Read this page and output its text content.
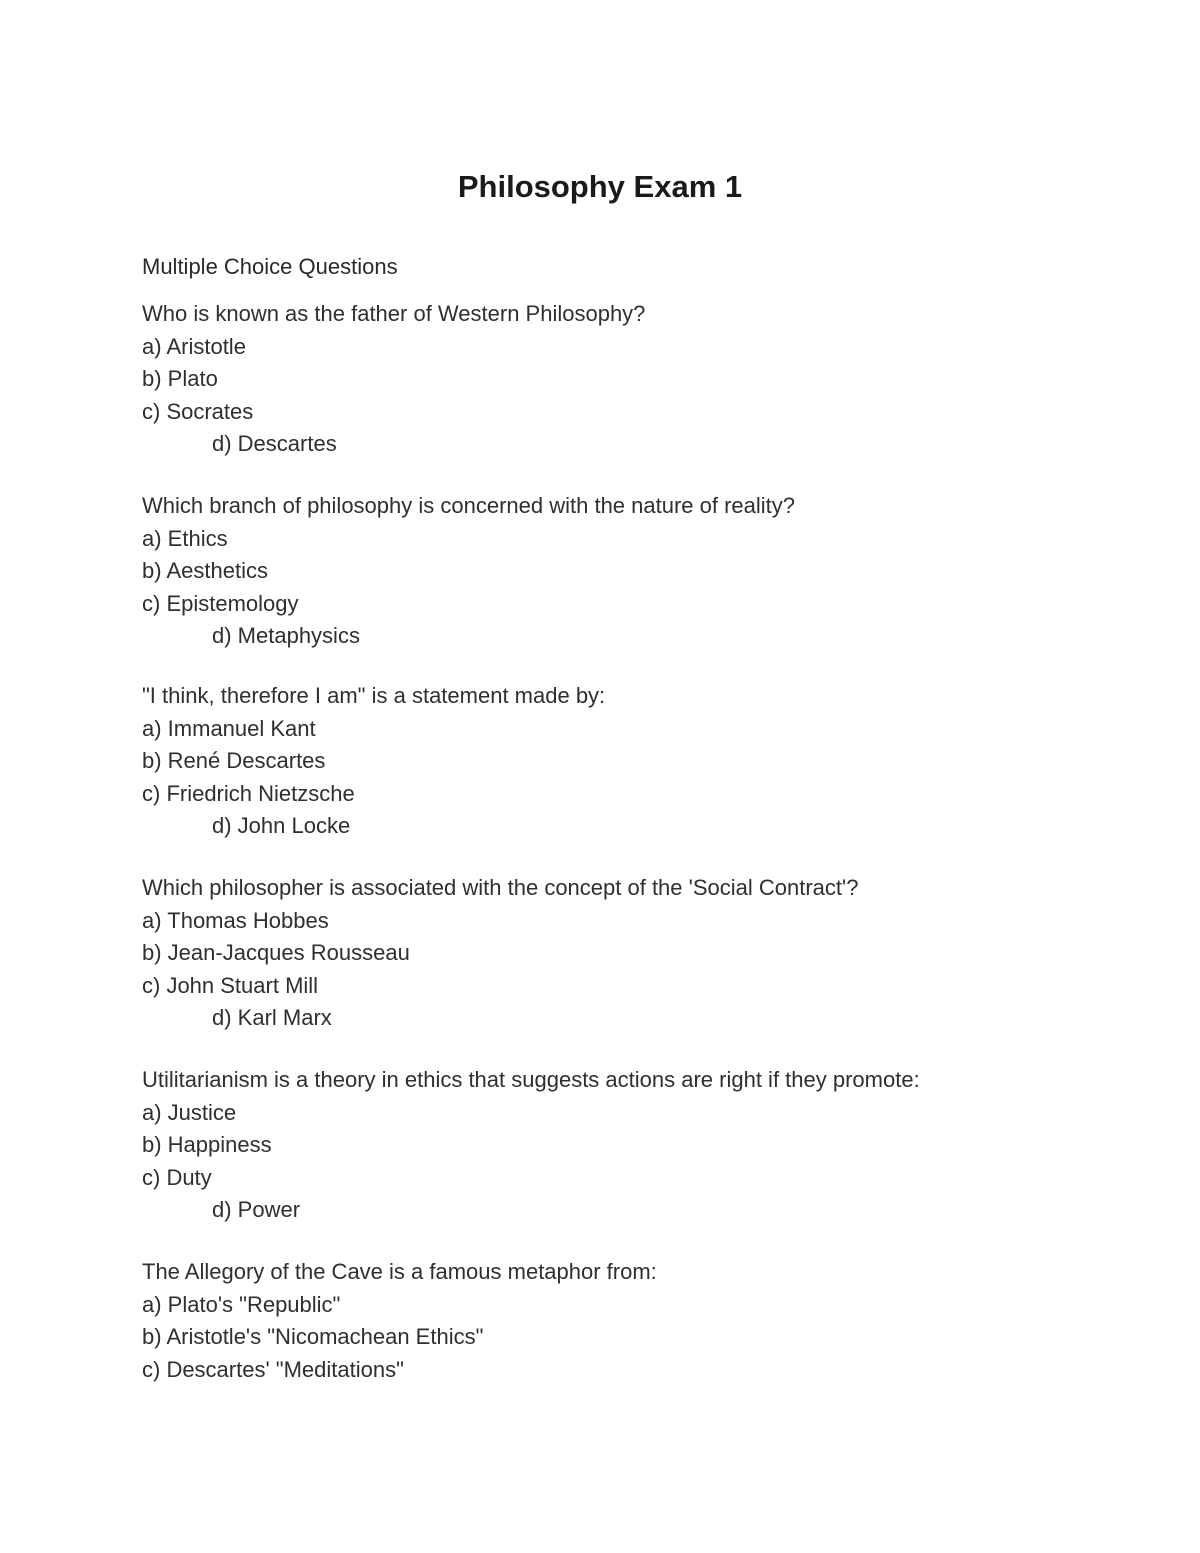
Philosophy Exam 1

Multiple Choice Questions

Who is known as the father of Western Philosophy?

a) Aristotle

b) Plato

c) Socrates

d) Descartes

Which branch of philosophy is concerned with the nature of reality?

a) Ethics

b) Aesthetics

c) Epistemology

d) Metaphysics

"I think, therefore I am" is a statement made by:

a) Immanuel Kant

b) René Descartes

c) Friedrich Nietzsche

d) John Locke

Which philosopher is associated with the concept of the 'Social Contract'?

a) Thomas Hobbes

b) Jean-Jacques Rousseau

c) John Stuart Mill

d) Karl Marx

Utilitarianism is a theory in ethics that suggests actions are right if they promote:

a) Justice

b) Happiness

c) Duty

d) Power

The Allegory of the Cave is a famous metaphor from:

a) Plato's "Republic"

b) Aristotle's "Nicomachean Ethics"

c) Descartes' "Meditations"
